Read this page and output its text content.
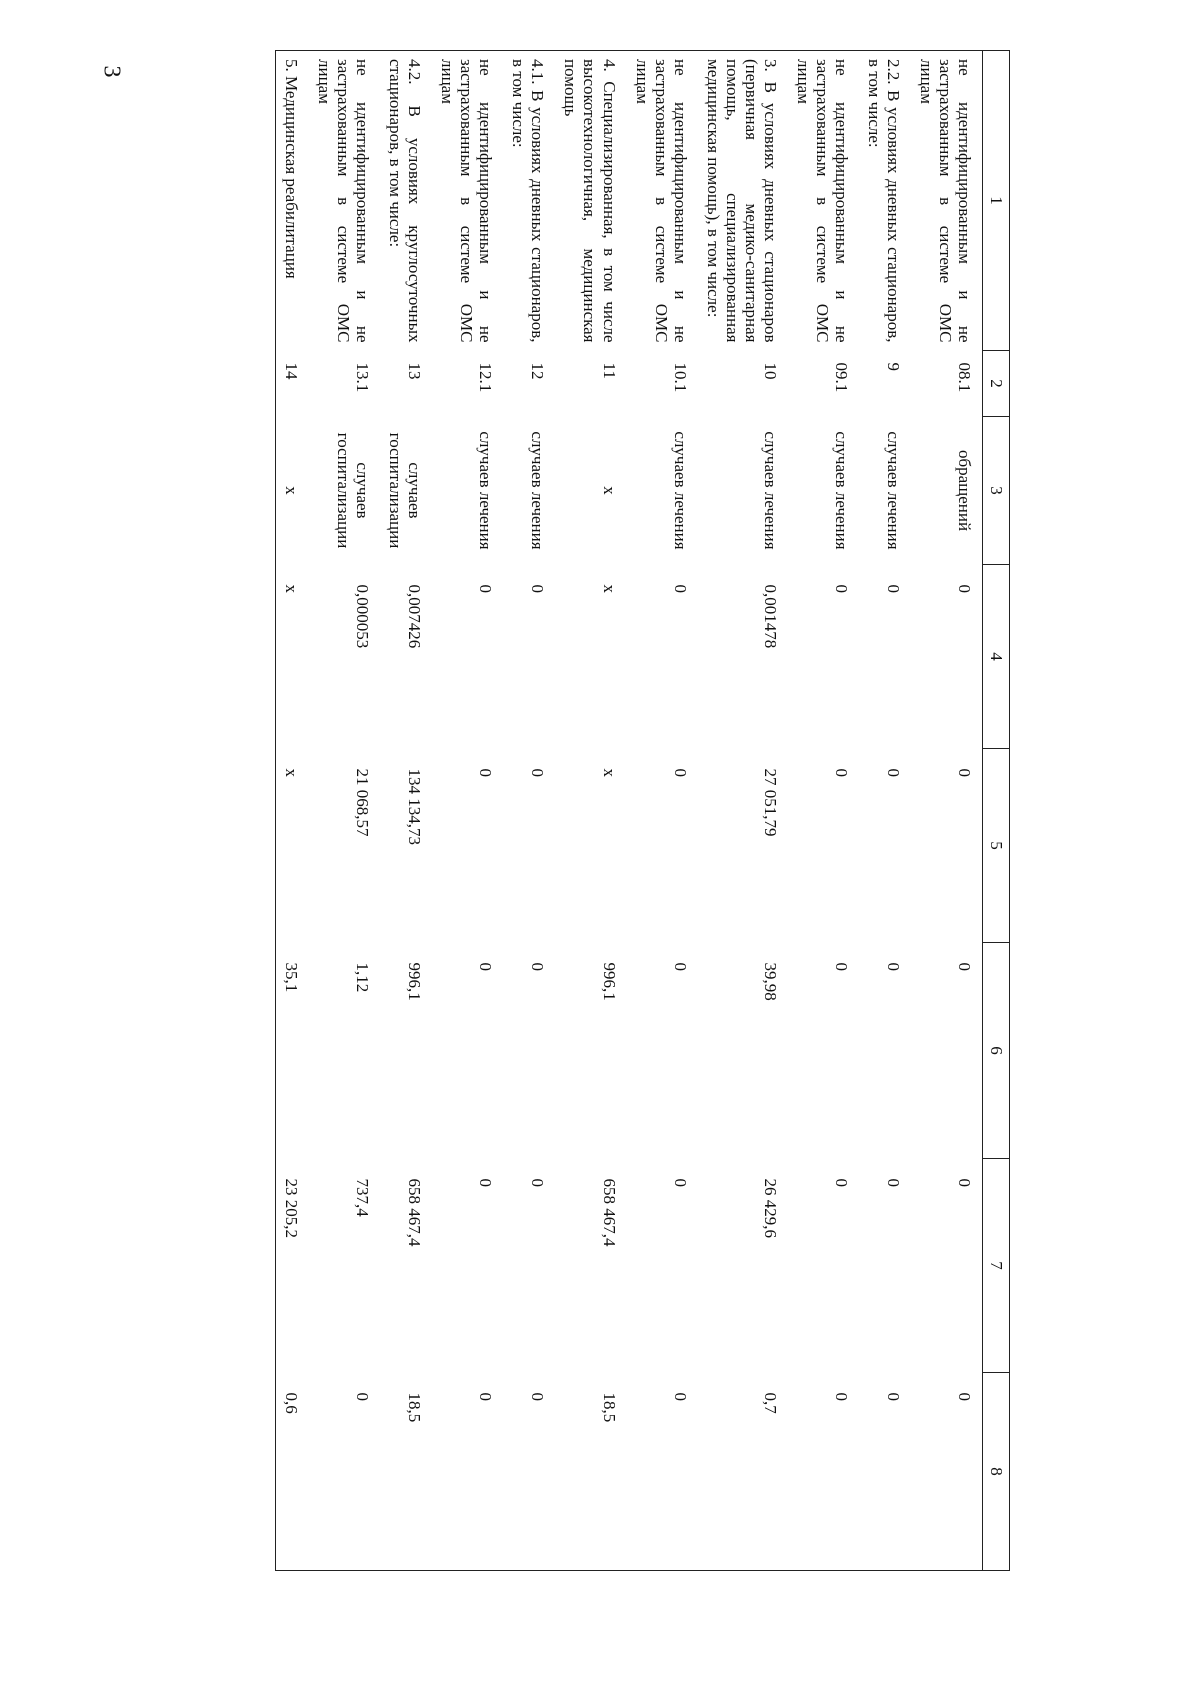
3
1	2	3	4	5	6	7	8
не идентифицированным и не застрахованным в системе ОМС лицам	08.1	обращений	0	0	0	0	0
2.2. В условиях дневных стационаров, в том числе:	9	случаев лечения	0	0	0	0	0
не идентифицированным и не застрахованным в системе ОМС лицам	09.1	случаев лечения	0	0	0	0	0
3. В условиях дневных стационаров (первичная медико-санитарная помощь, специализированная медицинская помощь), в том числе:	10	случаев лечения	0,001478	27 051,79	39,98	26 429,6	0,7
не идентифицированным и не застрахованным в системе ОМС лицам	10.1	случаев лечения	0	0	0	0	0
4. Специализированная, в том числе высокотехнологичная, медицинская помощь	11	х	х	х	996,1	658 467,4	18,5
4.1. В условиях дневных стационаров, в том числе:	12	случаев лечения	0	0	0	0	0
не идентифицированным и не застрахованным в системе ОМС лицам	12.1	случаев лечения	0	0	0	0	0
4.2. В условиях круглосуточных стационаров, в том числе:	13	случаев госпитализации	0,007426	134 134,73	996,1	658 467,4	18,5
не идентифицированным и не застрахованным в системе ОМС лицам	13.1	случаев госпитализации	0,000053	21 068,57	1,12	737,4	0
5. Медицинская реабилитация	14	х	х	х	35,1	23 205,2	0,6
